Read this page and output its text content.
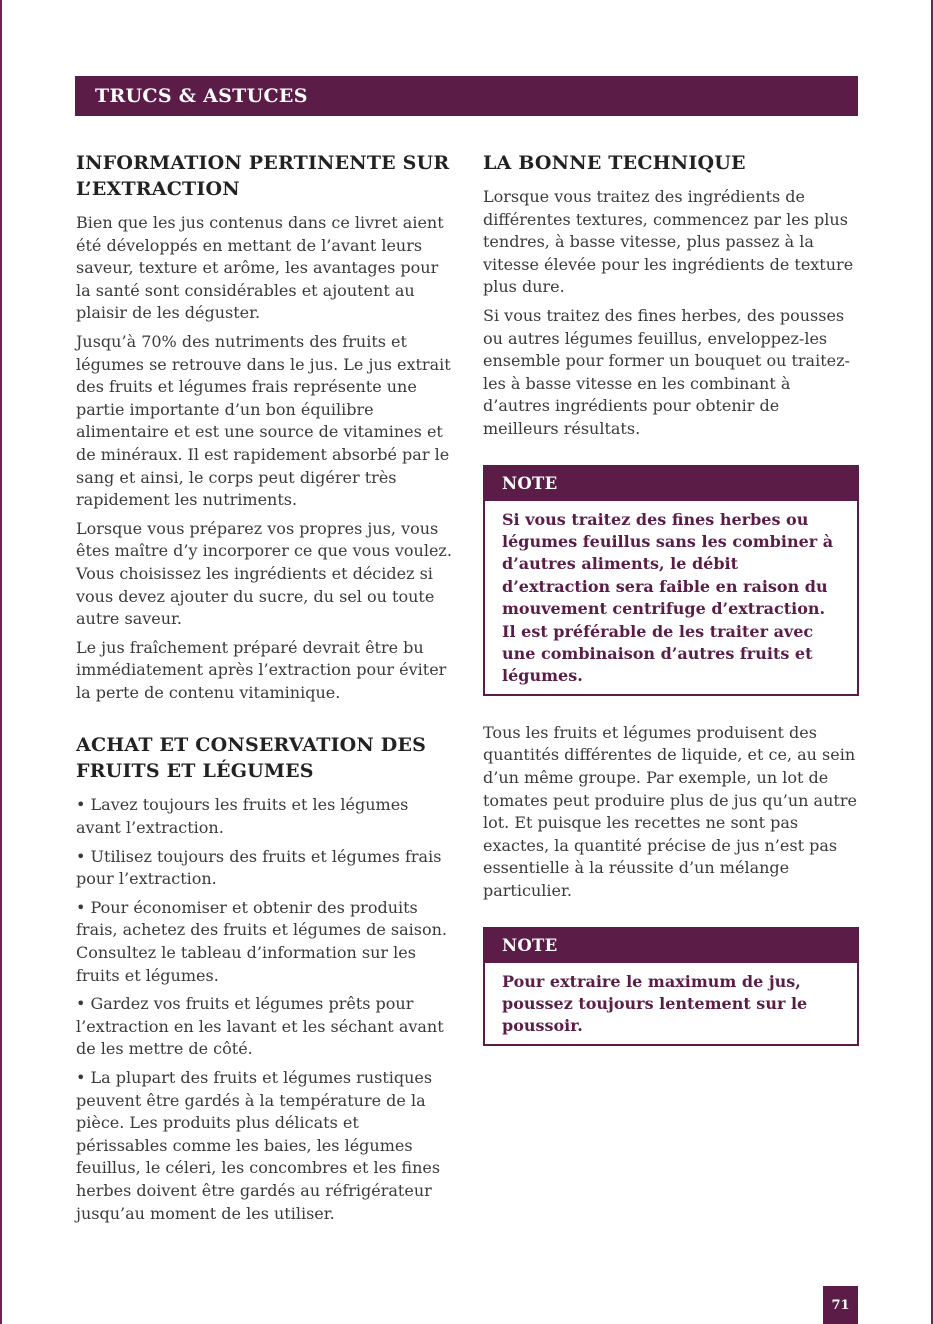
TRUCS & ASTUCES
INFORMATION PERTINENTE SUR
L’EXTRACTION

Bien que les jus contenus dans ce livret aient été développés en mettant de l’avant leurs saveur, texture et arôme, les avantages pour la santé sont considérables et ajoutent au plaisir de les déguster.

Jusqu’à 70% des nutriments des fruits et légumes se retrouve dans le jus. Le jus extrait des fruits et légumes frais représente une partie importante d’un bon équilibre alimentaire et est une source de vitamines et de minéraux. Il est rapidement absorbé par le sang et ainsi, le corps peut digérer très rapidement les nutriments.

Lorsque vous préparez vos propres jus, vous êtes maître d’y incorporer ce que vous voulez. Vous choisissez les ingrédients et décidez si vous devez ajouter du sucre, du sel ou toute autre saveur.

Le jus fraîchement préparé devrait être bu immédiatement après l’extraction pour éviter la perte de contenu vitaminique.

ACHAT ET CONSERVATION DES
FRUITS ET LÉGUMES

• Lavez toujours les fruits et les légumes avant l’extraction.

• Utilisez toujours des fruits et légumes frais pour l’extraction.

• Pour économiser et obtenir des produits frais, achetez des fruits et légumes de saison. Consultez le tableau d’information sur les fruits et légumes.

• Gardez vos fruits et légumes prêts pour l’extraction en les lavant et les séchant avant de les mettre de côté.

• La plupart des fruits et légumes rustiques peuvent être gardés à la température de la pièce. Les produits plus délicats et périssables comme les baies, les légumes feuillus, le céleri, les concombres et les fines herbes doivent être gardés au réfrigérateur jusqu’au moment de les utiliser.

LA BONNE TECHNIQUE

Lorsque vous traitez des ingrédients de différentes textures, commencez par les plus tendres, à basse vitesse, plus passez à la vitesse élevée pour les ingrédients de texture plus dure.

Si vous traitez des fines herbes, des pousses ou autres légumes feuillus, enveloppez-les ensemble pour former un bouquet ou traitez-les à basse vitesse en les combinant à d’autres ingrédients pour obtenir de meilleurs résultats.

NOTE
Si vous traitez des fines herbes ou légumes feuillus sans les combiner à d’autres aliments, le débit d’extraction sera faible en raison du mouvement centrifuge d’extraction. Il est préférable de les traiter avec une combinaison d’autres fruits et légumes.

Tous les fruits et légumes produisent des quantités différentes de liquide, et ce, au sein d’un même groupe. Par exemple, un lot de tomates peut produire plus de jus qu’un autre lot. Et puisque les recettes ne sont pas exactes, la quantité précise de jus n’est pas essentielle à la réussite d’un mélange particulier.

NOTE
Pour extraire le maximum de jus, poussez toujours lentement sur le poussoir.
71
